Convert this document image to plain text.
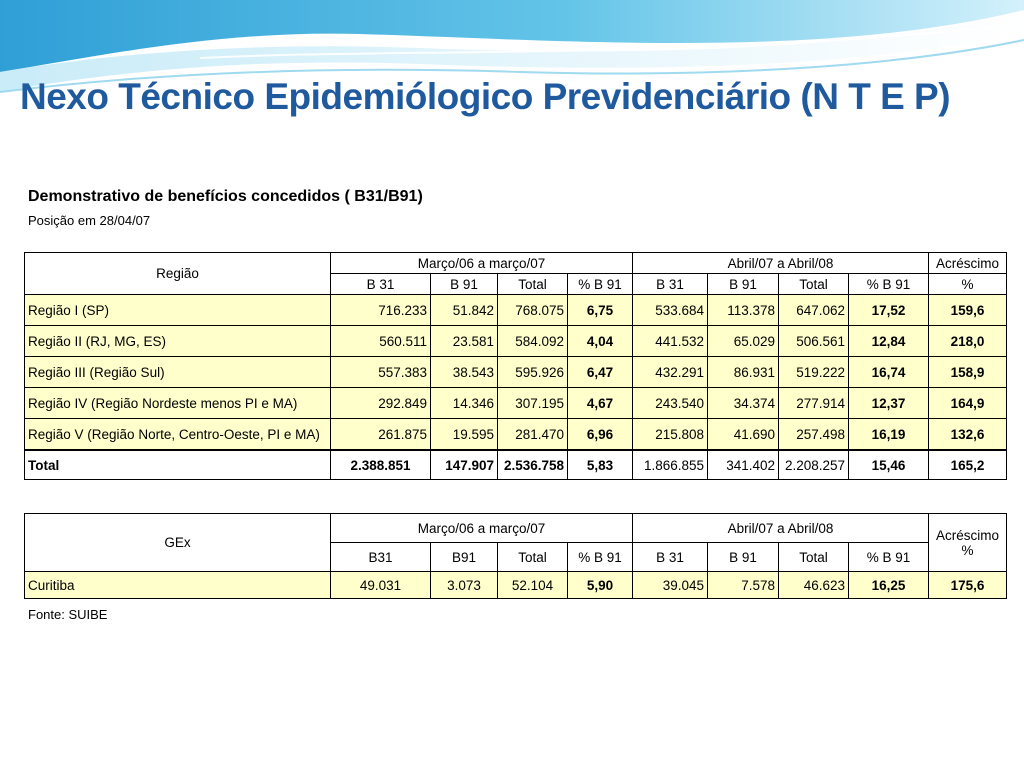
Nexo Técnico Epidemiólogico Previdenciário (N T E P)
Demonstrativo de benefícios concedidos ( B31/B91)
Posição em 28/04/07
Região	Março/06 a março/07				Abril/07 a Abril/08				Acréscimo
	B 31	B 91	Total	% B 91	B 31	B 91	Total	% B 91	%
Região I (SP)	716.233	51.842	768.075	6,75	533.684	113.378	647.062	17,52	159,6
Região II (RJ, MG, ES)	560.511	23.581	584.092	4,04	441.532	65.029	506.561	12,84	218,0
Região III (Região Sul)	557.383	38.543	595.926	6,47	432.291	86.931	519.222	16,74	158,9
Região IV (Região Nordeste menos PI e MA)	292.849	14.346	307.195	4,67	243.540	34.374	277.914	12,37	164,9
Região V (Região Norte, Centro-Oeste, PI e MA)	261.875	19.595	281.470	6,96	215.808	41.690	257.498	16,19	132,6
Total	2.388.851	147.907	2.536.758	5,83	1.866.855	341.402	2.208.257	15,46	165,2
GEx	Março/06 a março/07				Abril/07 a Abril/08				Acréscimo
%
	B31	B91	Total	% B 91	B 31	B 91	Total	% B 91	
Curitiba	49.031	3.073	52.104	5,90	39.045	7.578	46.623	16,25	175,6
Fonte: SUIBE
